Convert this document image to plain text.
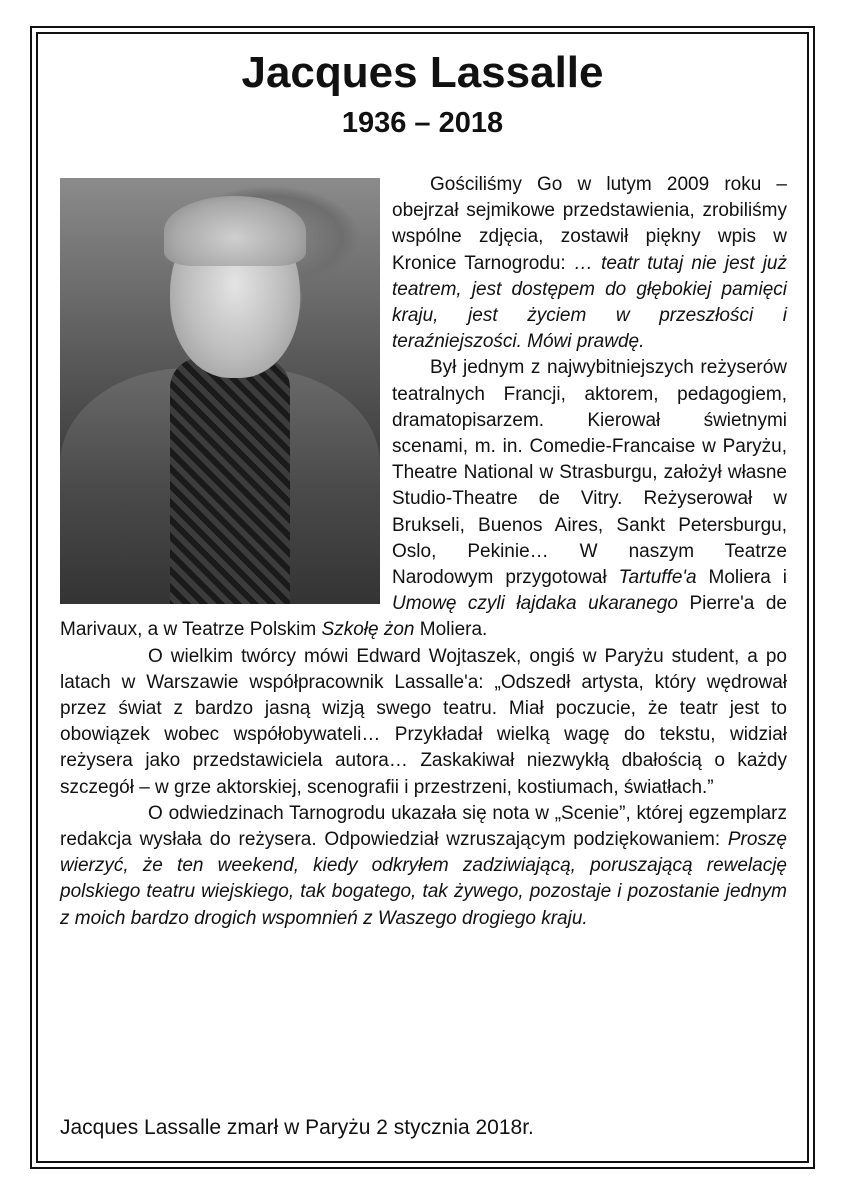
Jacques Lassalle
1936 – 2018

Gościliśmy Go w lutym 2009 roku – obejrzał sejmikowe przedstawienia, zrobiliśmy wspólne zdjęcia, zostawił piękny wpis w Kronice Tarnogrodu: … teatr tutaj nie jest już teatrem, jest dostępem do głębokiej pamięci kraju, jest życiem w przeszłości i teraźniejszości. Mówi prawdę.

Był jednym z najwybitniejszych reżyserów teatralnych Francji, aktorem, pedagogiem, dramatopisarzem. Kierował świetnymi scenami, m. in. Comedie-Francaise w Paryżu, Theatre National w Strasburgu, założył własne Studio-Theatre de Vitry. Reżyserował w Brukseli, Buenos Aires, Sankt Petersburgu, Oslo, Pekinie… W naszym Teatrze Narodowym przygotował Tartuffe'a Moliera i Umowę czyli łajdaka ukaranego Pierre'a de Marivaux, a w Teatrze Polskim Szkołę żon Moliera.

O wielkim twórcy mówi Edward Wojtaszek, ongiś w Paryżu student, a po latach w Warszawie współpracownik Lassalle'a: „Odszedł artysta, który wędrował przez świat z bardzo jasną wizją swego teatru. Miał poczucie, że teatr jest to obowiązek wobec współobywateli… Przykładał wielką wagę do tekstu, widział reżysera jako przedstawiciela autora… Zaskakiwał niezwykłą dbałością o każdy szczegół – w grze aktorskiej, scenografii i przestrzeni, kostiumach, światłach.”

O odwiedzinach Tarnogrodu ukazała się nota w „Scenie”, której egzemplarz redakcja wysłała do reżysera. Odpowiedział wzruszającym podziękowaniem: Proszę wierzyć, że ten weekend, kiedy odkryłem zadziwiającą, poruszającą rewelację polskiego teatru wiejskiego, tak bogatego, tak żywego, pozostaje i pozostanie jednym z moich bardzo drogich wspomnień z Waszego drogiego kraju.

Jacques Lassalle zmarł w Paryżu 2 stycznia 2018r.
